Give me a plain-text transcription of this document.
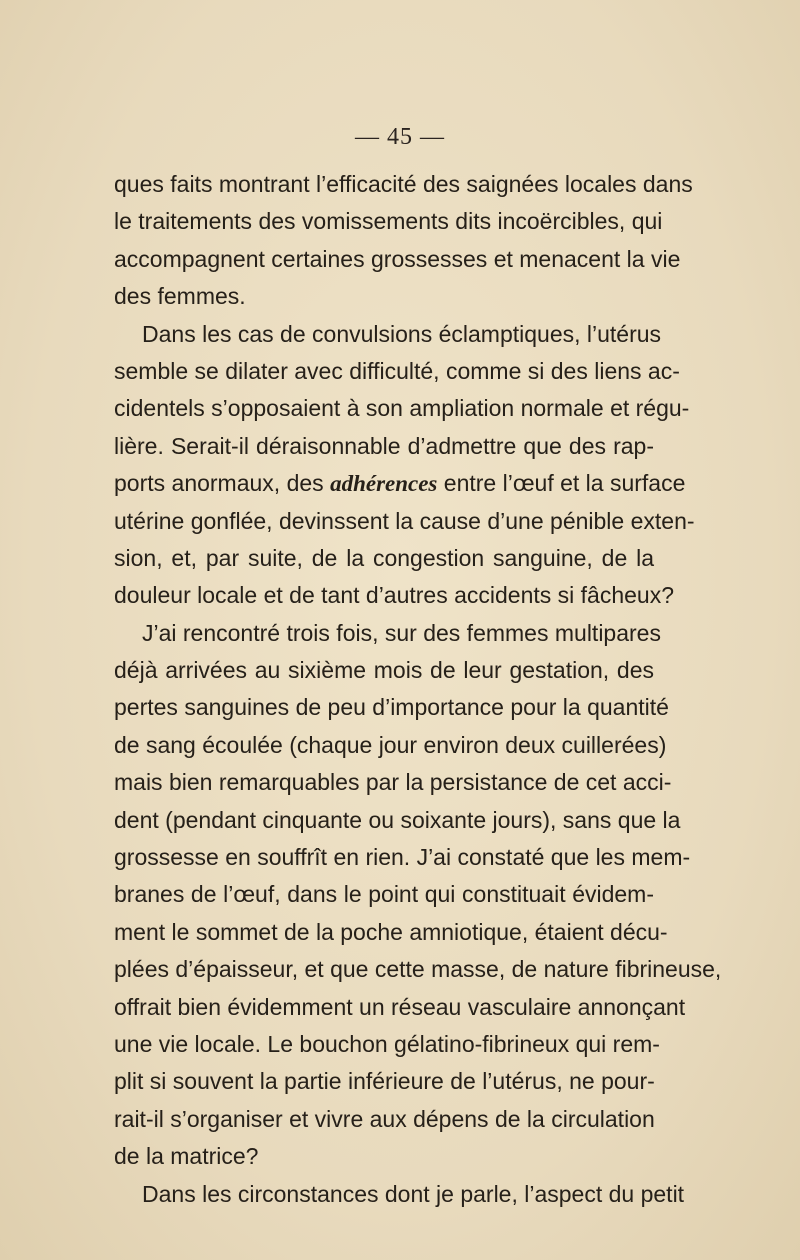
— 45 —
ques faits montrant l’efficacité des saignées locales dans
le traitements des vomissements dits incoërcibles, qui
accompagnent certaines grossesses et menacent la vie
des femmes.
Dans les cas de convulsions éclamptiques, l’utérus
semble se dilater avec difficulté, comme si des liens ac-
cidentels s’opposaient à son ampliation normale et régu-
lière. Serait-il déraisonnable d’admettre que des rap-
ports anormaux, des adhérences entre l’œuf et la surface
utérine gonflée, devinssent la cause d’une pénible exten-
sion, et, par suite, de la congestion sanguine, de la
douleur locale et de tant d’autres accidents si fâcheux?
J’ai rencontré trois fois, sur des femmes multipares
déjà arrivées au sixième mois de leur gestation, des
pertes sanguines de peu d’importance pour la quantité
de sang écoulée (chaque jour environ deux cuillerées)
mais bien remarquables par la persistance de cet acci-
dent (pendant cinquante ou soixante jours), sans que la
grossesse en souffrît en rien. J’ai constaté que les mem-
branes de l’œuf, dans le point qui constituait évidem-
ment le sommet de la poche amniotique, étaient décu-
plées d’épaisseur, et que cette masse, de nature fibrineuse,
offrait bien évidemment un réseau vasculaire annonçant
une vie locale. Le bouchon gélatino-fibrineux qui rem-
plit si souvent la partie inférieure de l’utérus, ne pour-
rait-il s’organiser et vivre aux dépens de la circulation
de la matrice?
Dans les circonstances dont je parle, l’aspect du petit
